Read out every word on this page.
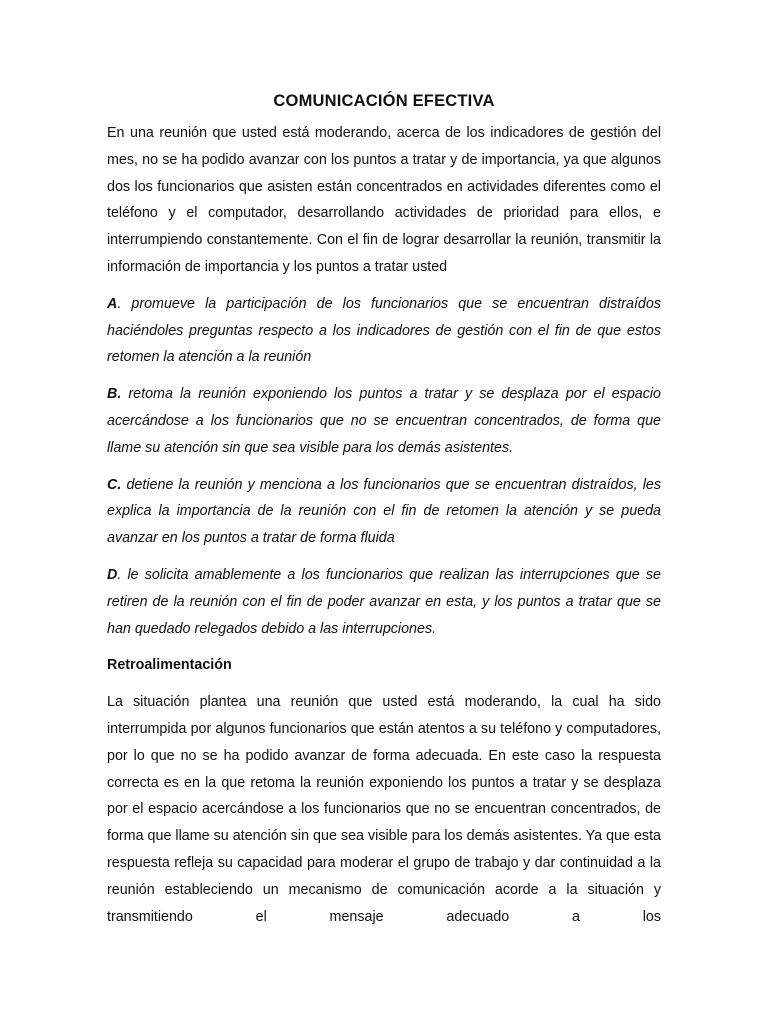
COMUNICACIÓN EFECTIVA

En una reunión que usted está moderando, acerca de los indicadores de gestión del mes, no se ha podido avanzar con los puntos a tratar y de importancia, ya que algunos dos los funcionarios que asisten están concentrados en actividades diferentes como el teléfono y el computador, desarrollando actividades de prioridad para ellos, e interrumpiendo constantemente. Con el fin de lograr desarrollar la reunión, transmitir la información de importancia y los puntos a tratar usted

A. promueve la participación de los funcionarios que se encuentran distraídos haciéndoles preguntas respecto a los indicadores de gestión con el fin de que estos retomen la atención a la reunión

B. retoma la reunión exponiendo los puntos a tratar y se desplaza por el espacio acercándose a los funcionarios que no se encuentran concentrados, de forma que llame su atención sin que sea visible para los demás asistentes.

C. detiene la reunión y menciona a los funcionarios que se encuentran distraídos, les explica la importancia de la reunión con el fin de retomen la atención y se pueda avanzar en los puntos a tratar de forma fluida

D. le solicita amablemente a los funcionarios que realizan las interrupciones que se retiren de la reunión con el fin de poder avanzar en esta, y los puntos a tratar que se han quedado relegados debido a las interrupciones.

Retroalimentación

La situación plantea una reunión que usted está moderando, la cual ha sido interrumpida por algunos funcionarios que están atentos a su teléfono y computadores, por lo que no se ha podido avanzar de forma adecuada. En este caso la respuesta correcta es en la que retoma la reunión exponiendo los puntos a tratar y se desplaza por el espacio acercándose a los funcionarios que no se encuentran concentrados, de forma que llame su atención sin que sea visible para los demás asistentes. Ya que esta respuesta refleja su capacidad para moderar el grupo de trabajo y dar continuidad a la reunión estableciendo un mecanismo de comunicación acorde a la situación y transmitiendo el mensaje adecuado a los
